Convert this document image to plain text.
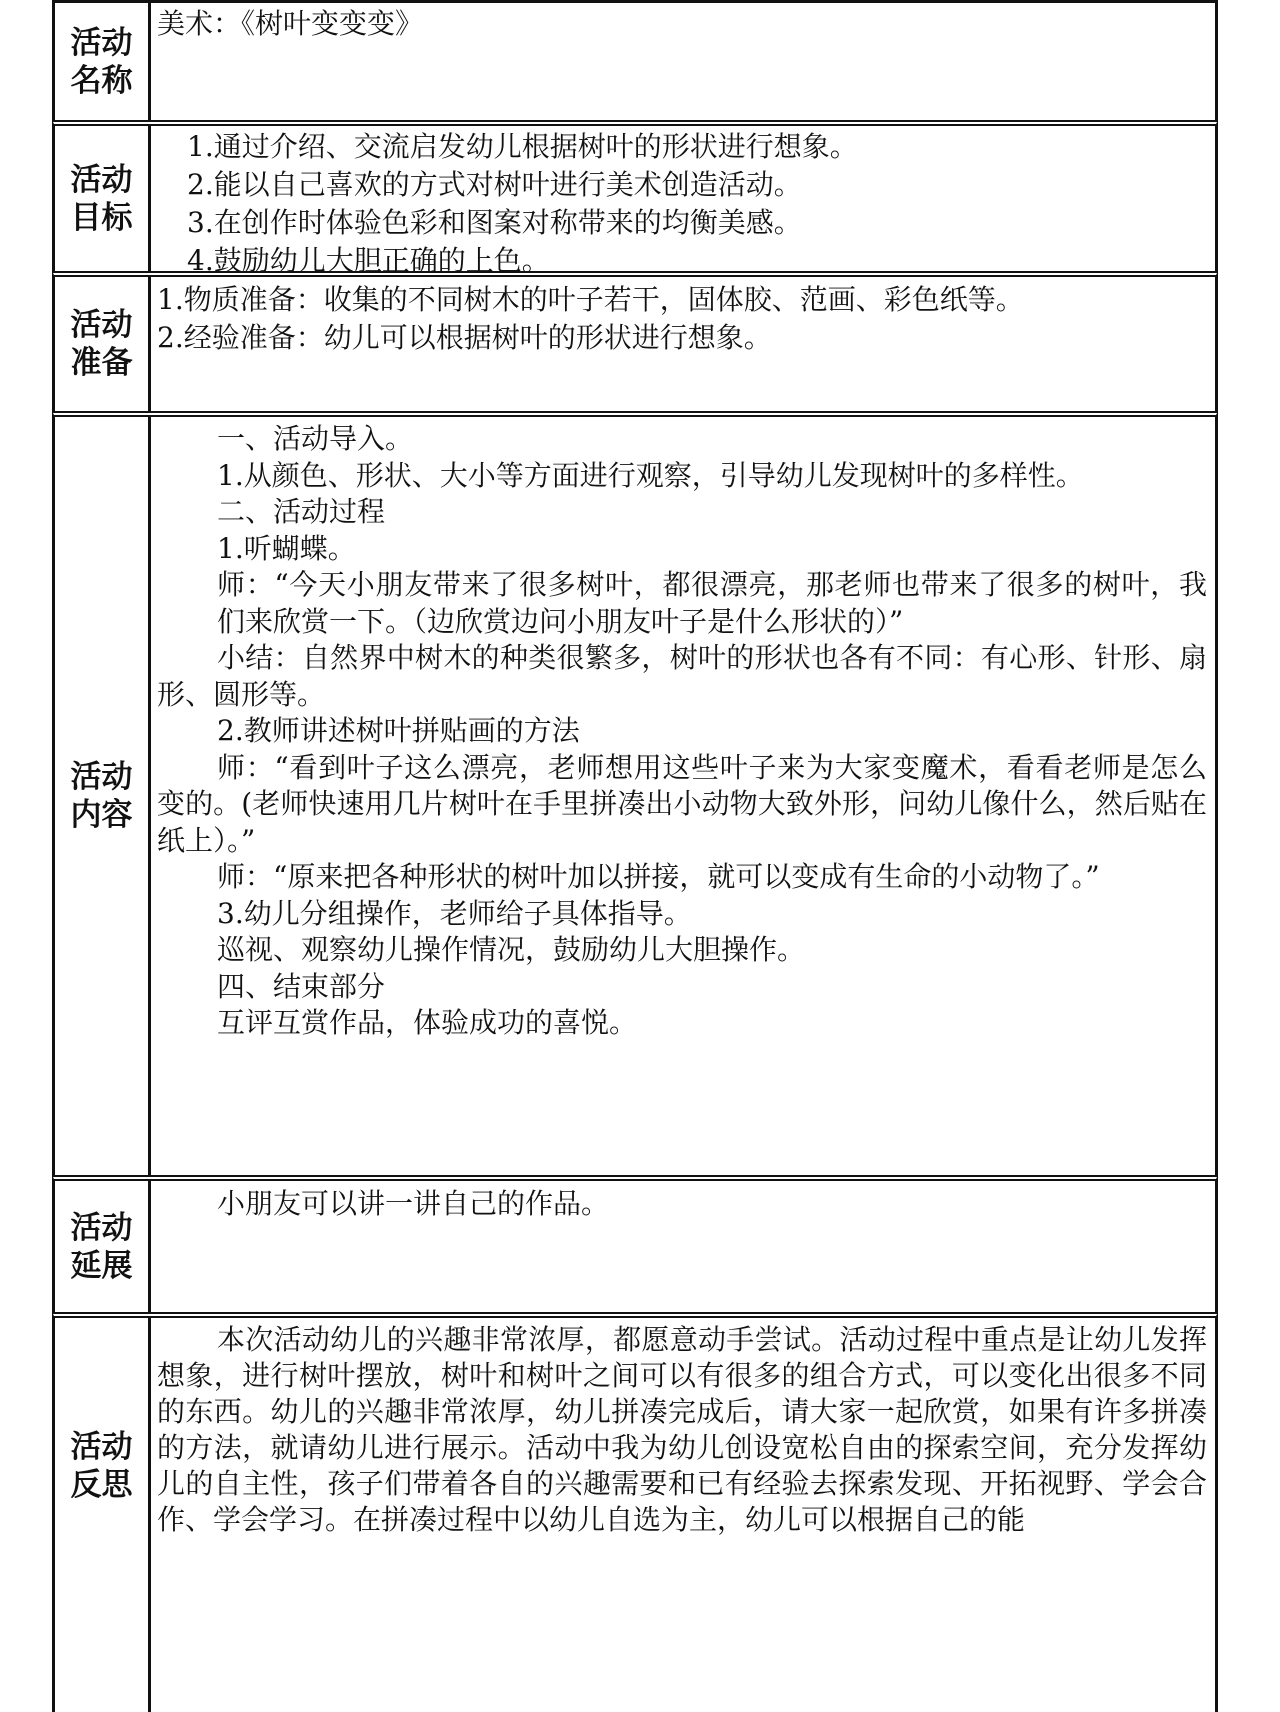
活动名称

美术：《树叶变变变》

活动目标

1.通过介绍、交流启发幼儿根据树叶的形状进行想象。

2.能以自己喜欢的方式对树叶进行美术创造活动。

3.在创作时体验色彩和图案对称带来的均衡美感。

4.鼓励幼儿大胆正确的上色。

活动准备

1.物质准备：收集的不同树木的叶子若干，固体胶、范画、彩色纸等。

2.经验准备：幼儿可以根据树叶的形状进行想象。

活动内容

一、活动导入。

1.从颜色、形状、大小等方面进行观察，引导幼儿发现树叶的多样性。

二、活动过程

1.听蝴蝶。

师：“今天小朋友带来了很多树叶，都很漂亮，那老师也带来了很多的树叶，我们来欣赏一下。（边欣赏边问小朋友叶子是什么形状的）”

小结：自然界中树木的种类很繁多，树叶的形状也各有不同：有心形、针形、扇形、圆形等。

2.教师讲述树叶拼贴画的方法

师：“看到叶子这么漂亮，老师想用这些叶子来为大家变魔术，看看老师是怎么变的。(老师快速用几片树叶在手里拼凑出小动物大致外形，问幼儿像什么，然后贴在纸上）。”

师：“原来把各种形状的树叶加以拼接，就可以变成有生命的小动物了。”

3.幼儿分组操作，老师给子具体指导。

巡视、观察幼儿操作情况，鼓励幼儿大胆操作。

四、结束部分

互评互赏作品，体验成功的喜悦。

活动延展

小朋友可以讲一讲自己的作品。

活动反思

本次活动幼儿的兴趣非常浓厚，都愿意动手尝试。活动过程中重点是让幼儿发挥想象，进行树叶摆放，树叶和树叶之间可以有很多的组合方式，可以变化出很多不同的东西。幼儿的兴趣非常浓厚，幼儿拼凑完成后，请大家一起欣赏，如果有许多拼凑的方法，就请幼儿进行展示。活动中我为幼儿创设宽松自由的探索空间，充分发挥幼儿的自主性，孩子们带着各自的兴趣需要和已有经验去探索发现、开拓视野、学会合作、学会学习。在拼凑过程中以幼儿自选为主，幼儿可以根据自己的能
